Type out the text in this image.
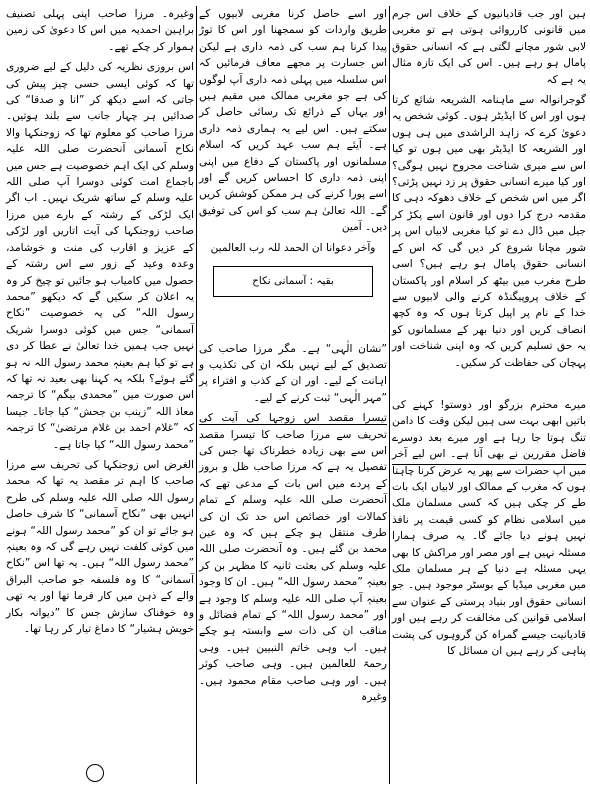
ہیں اور جب قادیانیوں کے خلاف اس جرم میں قانونی کارروائی ہوتی ہے تو مغربی لابی شور مچانے لگتی ہے کہ انسانی حقوق پامال ہو رہے ہیں۔ اس کی ایک تازہ مثال یہ ہے کہ

گوجرانوالہ سے ماہنامہ الشریعہ شائع کرتا ہوں اور اس کا ایڈیٹر ہوں۔ کوئی شخص یہ دعویٰ کرے کہ زاہد الراشدی میں ہی ہوں اور الشریعہ کا ایڈیٹر بھی میں ہوں تو کیا اس سے میری شناخت مجروح نہیں ہوگی؟ اور کیا میرے انسانی حقوق پر زد نہیں پڑتی؟ اگر میں اس شخص کے خلاف دھوکہ دہی کا مقدمہ درج کرا دوں اور قانون اسے پکڑ کر جیل میں ڈال دے تو کیا مغربی لابیاں اس پر شور مچانا شروع کر دیں گی کہ اس کے انسانی حقوق پامال ہو رہے ہیں؟ اسی طرح مغرب میں بیٹھ کر اسلام اور پاکستان کے خلاف پروپیگنڈہ کرنے والی لابیوں سے خدا کے نام پر اپیل کرتا ہوں کہ وہ کچھ انصاف کریں اور دنیا بھر کے مسلمانوں کو یہ حق تسلیم کریں کہ وہ اپنی شناخت اور پہچان کی حفاظت کر سکیں۔

میرے محترم بزرگو اور دوستو! کہنے کی باتیں ابھی بہت سی ہیں لیکن وقت کا دامن تنگ ہوتا جا رہا ہے اور میرے بعد دوسرے فاضل مقررین نے بھی آنا ہے۔ اس لیے آخر میں آپ حضرات سے پھر یہ عرض کرنا چاہتا ہوں کہ مغرب کے ممالک اور لابیاں ایک بات طے کر چکی ہیں کہ کسی مسلمان ملک میں اسلامی نظام کو کسی قیمت پر نافذ نہیں ہونے دیا جائے گا۔ یہ صرف ہمارا مسئلہ نہیں ہے اور مصر اور مراکش کا بھی یہی مسئلہ ہے دنیا کے ہر مسلمان ملک میں مغربی میڈیا کے بوسٹر موجود ہیں۔ جو انسانی حقوق اور بنیاد پرستی کے عنوان سے اسلامی قوانین کی مخالفت کر رہے ہیں اور قادیانیت جیسے گمراہ کن گروہوں کی پشت پناہی کر رہے ہیں ان مسائل کا

اور اسے حاصل کرنا مغربی لابیوں کے طریق واردات کو سمجھنا اور اس کا توڑ پیدا کرنا ہم سب کی ذمہ داری ہے لیکن اس جسارت پر مجھے معاف فرمائیں کہ اس سلسلہ میں پہلی ذمہ داری آپ لوگوں کی ہے جو مغربی ممالک میں مقیم ہیں اور یہاں کے ذرائع تک رسائی حاصل کر سکتے ہیں۔ اس لیے یہ ہماری ذمہ داری ہے۔ آیئے ہم سب عہد کریں کہ اسلام مسلمانوں اور پاکستان کے دفاع میں اپنی اپنی ذمہ داری کا احساس کریں گے اور اسے پورا کرنے کی ہر ممکن کوشش کریں گے۔ اللہ تعالیٰ ہم سب کو اس کی توفیق دیں۔ آمین

وآخر دعوانا ان الحمد للہ رب العالمین

بقیہ : آسمانی نکاح

”نشان الٰہی“ ہے۔ مگر مرزا صاحب کی تصدیق کے لیے نہیں بلکہ ان کی تکذیب و اہانت کے لیے۔ اور ان کے کذب و افتراء پر ”مہر الٰہی“ ثبت کرنے کے لیے۔

تیسرا مقصد اس زوجہا کی آیت کی تحریف سے مرزا صاحب کا تیسرا مقصد اس سے بھی زیادہ خطرناک تھا جس کی تفصیل یہ ہے کہ مرزا صاحب ظل و بروز کے پردے میں اس بات کے مدعی تھے کہ آنحضرت صلی اللہ علیہ وسلم کے تمام کمالات اور خصائص اس حد تک ان کی طرف منتقل ہو چکے ہیں کہ وہ عین محمد بن گئے ہیں۔ وہ آنحضرت صلی اللہ علیہ وسلم کی بعثت ثانیہ کا مظہر بن کر بعینہٖ ”محمد رسول اللہ“ ہیں۔ ان کا وجود بعینہٖ آپ صلی اللہ علیہ وسلم کا وجود ہے اور ”محمد رسول اللہ“ کے تمام فضائل و مناقب ان کی ذات سے وابستہ ہو چکے ہیں۔ اب وہی خاتم النبیین ہیں۔ وہی رحمۃ للعالمین ہیں۔ وہی صاحب کوثر ہیں۔ اور وہی صاحب مقام محمود ہیں۔ وغیرہ

وغیرہ۔ مرزا صاحب اپنی پہلی تصنیف براہین احمدیہ میں اس کا دعویٰ کی زمین ہموار کر چکے تھے۔

اس بروزی نظریہ کی دلیل کے لیے ضروری تھا کہ کوئی ایسی حسی چیز پیش کی جاتی کہ اسے دیکھ کر ”انا و صدقا“ کی صدائیں ہر چہار جانب سے بلند ہوتیں۔ مرزا صاحب کو معلوم تھا کہ زوجنکہا والا نکاح آسمانی آنحضرت صلی اللہ علیہ وسلم کی ایک اہم خصوصیت ہے جس میں باجماع امت کوئی دوسرا آپ صلی اللہ علیہ وسلم کے ساتھ شریک نہیں۔ اب اگر ایک لڑکی کے رشتہ کے بارے میں مرزا صاحب زوجنکہا کی آیت اتاریں اور لڑکی کے عزیز و اقارب کی منت و خوشامد، وعدہ وعید کے زور سے اس رشتہ کے حصول میں کامیاب ہو جائیں تو چیخ کر وہ یہ اعلان کر سکیں گے کہ دیکھو ”محمد رسول اللہ“ کی یہ خصوصیت ”نکاح آسمانی“ جس میں کوئی دوسرا شریک نہیں جب ہمیں خدا تعالیٰ نے عطا کر دی ہے تو کیا ہم بعینہٖ محمد رسول اللہ نہ ہو گئے ہوئے؟ بلکہ یہ کہنا بھی بعید نہ تھا کہ اس صورت میں ”محمدی بیگم“ کا ترجمہ معاذ اللہ ”زینب بن جحش“ کیا جاتا۔ جیسا کہ ”غلام احمد بن غلام مرتضیٰ“ کا ترجمہ ”محمد رسول اللہ“ کیا جاتا ہے۔

الغرض اس زوجنکہا کی تحریف سے مرزا صاحب کا اہم تر مقصد یہ تھا کہ محمد رسول اللہ صلی اللہ علیہ وسلم کی طرح انہیں بھی ”نکاح آسمانی“ کا شرف حاصل ہو جائے تو ان کو ”محمد رسول اللہ“ ہونے میں کوئی کلفت نہیں رہے گی کہ وہ بعینہٖ ”محمد رسول اللہ“ ہیں۔ یہ تھا اس ”نکاح آسمانی“ کا وہ فلسفہ جو صاحب البراق والے کے ذہن میں کار فرما تھا اور یہ تھی وہ خوفناک سازش جس کا ”دیوانہ بکار خویش ہشیار“ کا دماغ تیار کر رہا تھا۔
